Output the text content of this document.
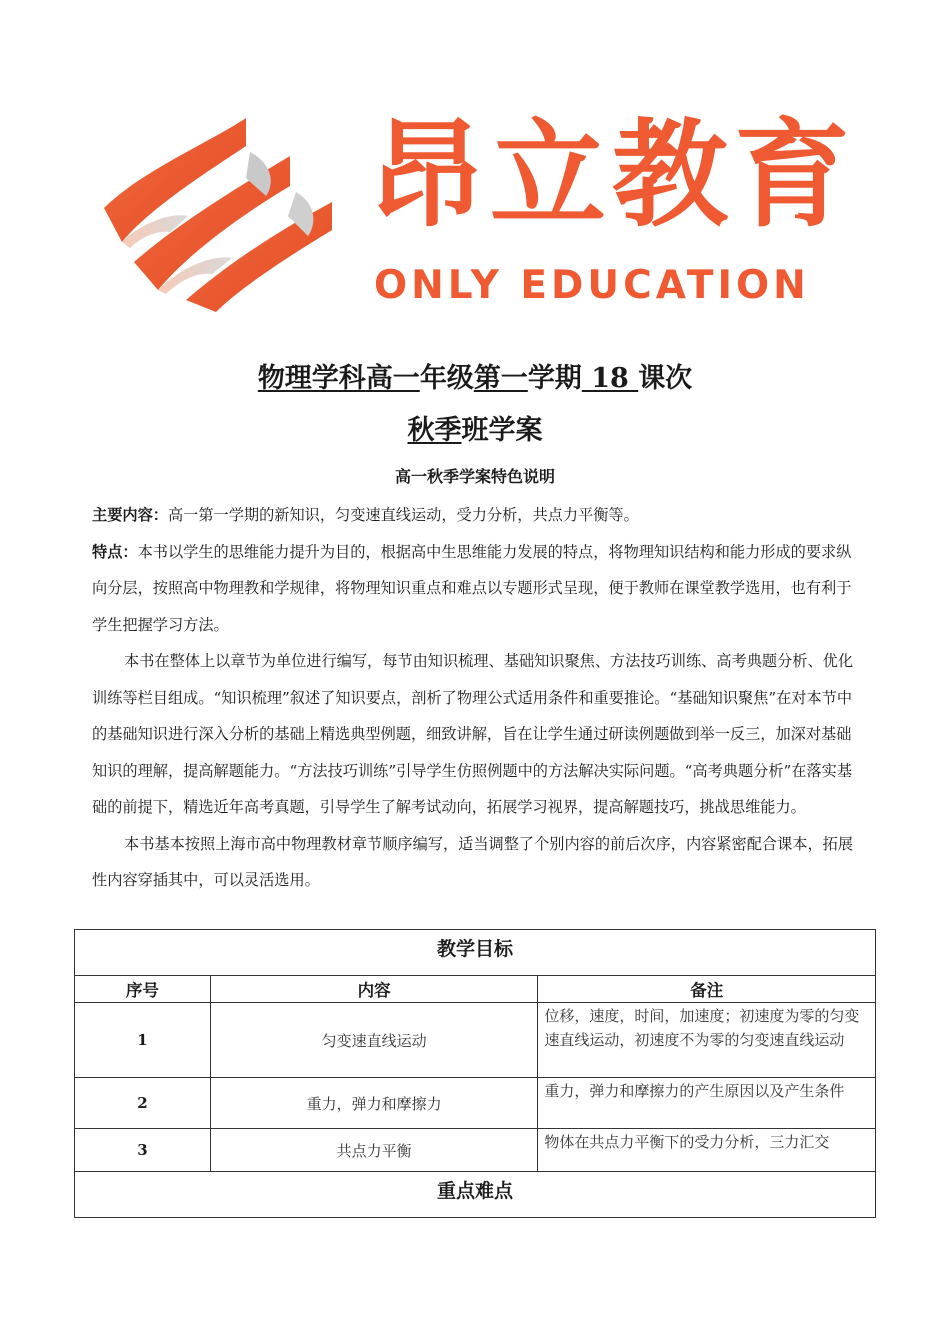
昂立教育
ONLY EDUCATION
物理学科高一年级第一学期 18 课次
秋季班学案
高一秋季学案特色说明

主要内容：高一第一学期的新知识，匀变速直线运动，受力分析，共点力平衡等。

特点：本书以学生的思维能力提升为目的，根据高中生思维能力发展的特点，将物理知识结构和能力形成的要求纵向分层，按照高中物理教和学规律，将物理知识重点和难点以专题形式呈现，便于教师在课堂教学选用，也有利于学生把握学习方法。

本书在整体上以章节为单位进行编写，每节由知识梳理、基础知识聚焦、方法技巧训练、高考典题分析、优化训练等栏目组成。“知识梳理”叙述了知识要点，剖析了物理公式适用条件和重要推论。“基础知识聚焦”在对本节中的基础知识进行深入分析的基础上精选典型例题，细致讲解，旨在让学生通过研读例题做到举一反三，加深对基础知识的理解，提高解题能力。“方法技巧训练”引导学生仿照例题中的方法解决实际问题。“高考典题分析”在落实基础的前提下，精选近年高考真题，引导学生了解考试动向，拓展学习视界，提高解题技巧，挑战思维能力。

本书基本按照上海市高中物理教材章节顺序编写，适当调整了个别内容的前后次序，内容紧密配合课本，拓展性内容穿插其中，可以灵活选用。

教学目标		
序号	内容	备注
1	匀变速直线运动	位移，速度，时间，加速度；初速度为零的匀变速直线运动，初速度不为零的匀变速直线运动
2	重力，弹力和摩擦力	重力，弹力和摩擦力的产生原因以及产生条件
3	共点力平衡	物体在共点力平衡下的受力分析，三力汇交
重点难点		
